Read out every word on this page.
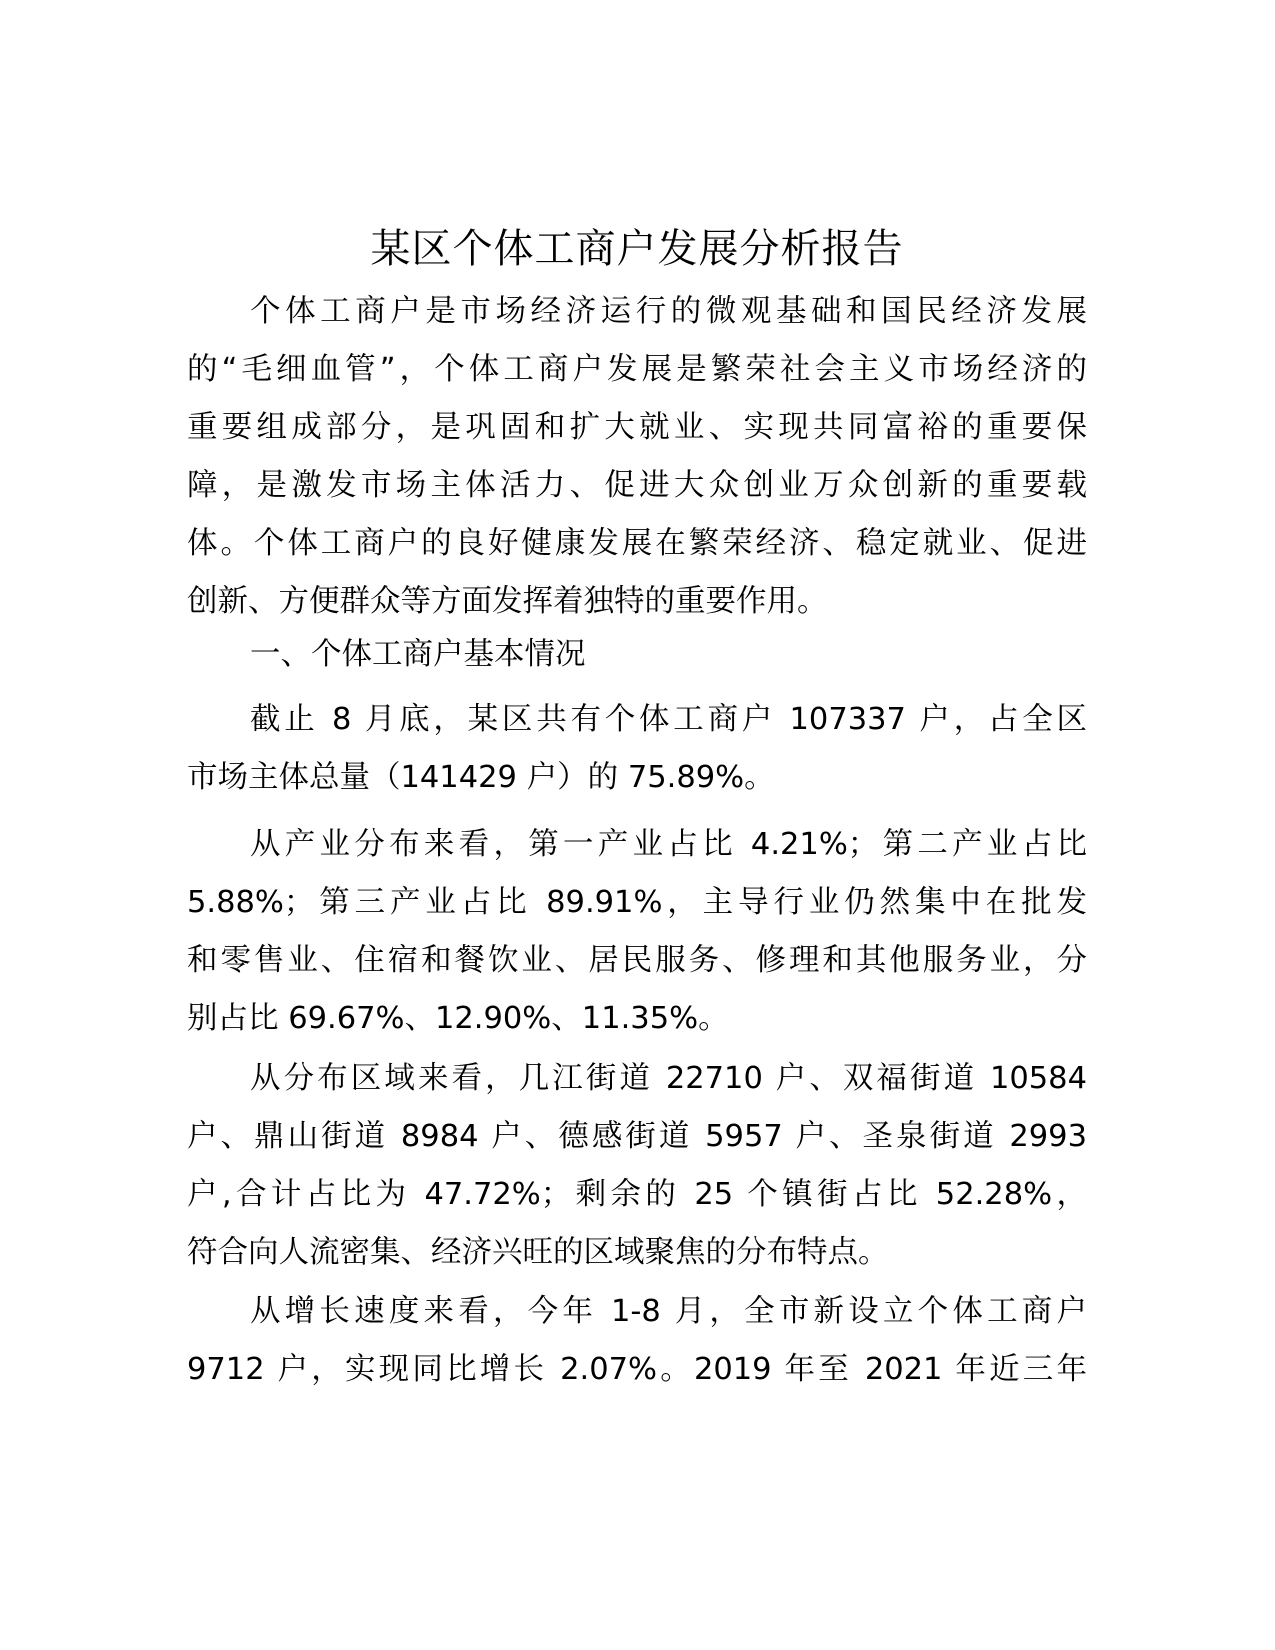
某区个体工商户发展分析报告
个体工商户是市场经济运行的微观基础和国民经济发展
的“毛细血管”，个体工商户发展是繁荣社会主义市场经济的
重要组成部分，是巩固和扩大就业、实现共同富裕的重要保
障，是激发市场主体活力、促进大众创业万众创新的重要载
体。个体工商户的良好健康发展在繁荣经济、稳定就业、促进
创新、方便群众等方面发挥着独特的重要作用。
一、个体工商户基本情况
截止 8 月底，某区共有个体工商户 107337 户，占全区
市场主体总量（141429 户）的 75.89%。
从产业分布来看，第一产业占比 4.21%；第二产业占比
5.88%；第三产业占比 89.91%，主导行业仍然集中在批发
和零售业、住宿和餐饮业、居民服务、修理和其他服务业，分
别占比 69.67%、12.90%、11.35%。
从分布区域来看，几江街道 22710 户、双福街道 10584
户、鼎山街道 8984 户、德感街道 5957 户、圣泉街道 2993
户,合计占比为 47.72%；剩余的 25 个镇街占比 52.28%，
符合向人流密集、经济兴旺的区域聚焦的分布特点。
从增长速度来看，今年 1-8 月，全市新设立个体工商户
9712 户，实现同比增长 2.07%。2019 年至 2021 年近三年
